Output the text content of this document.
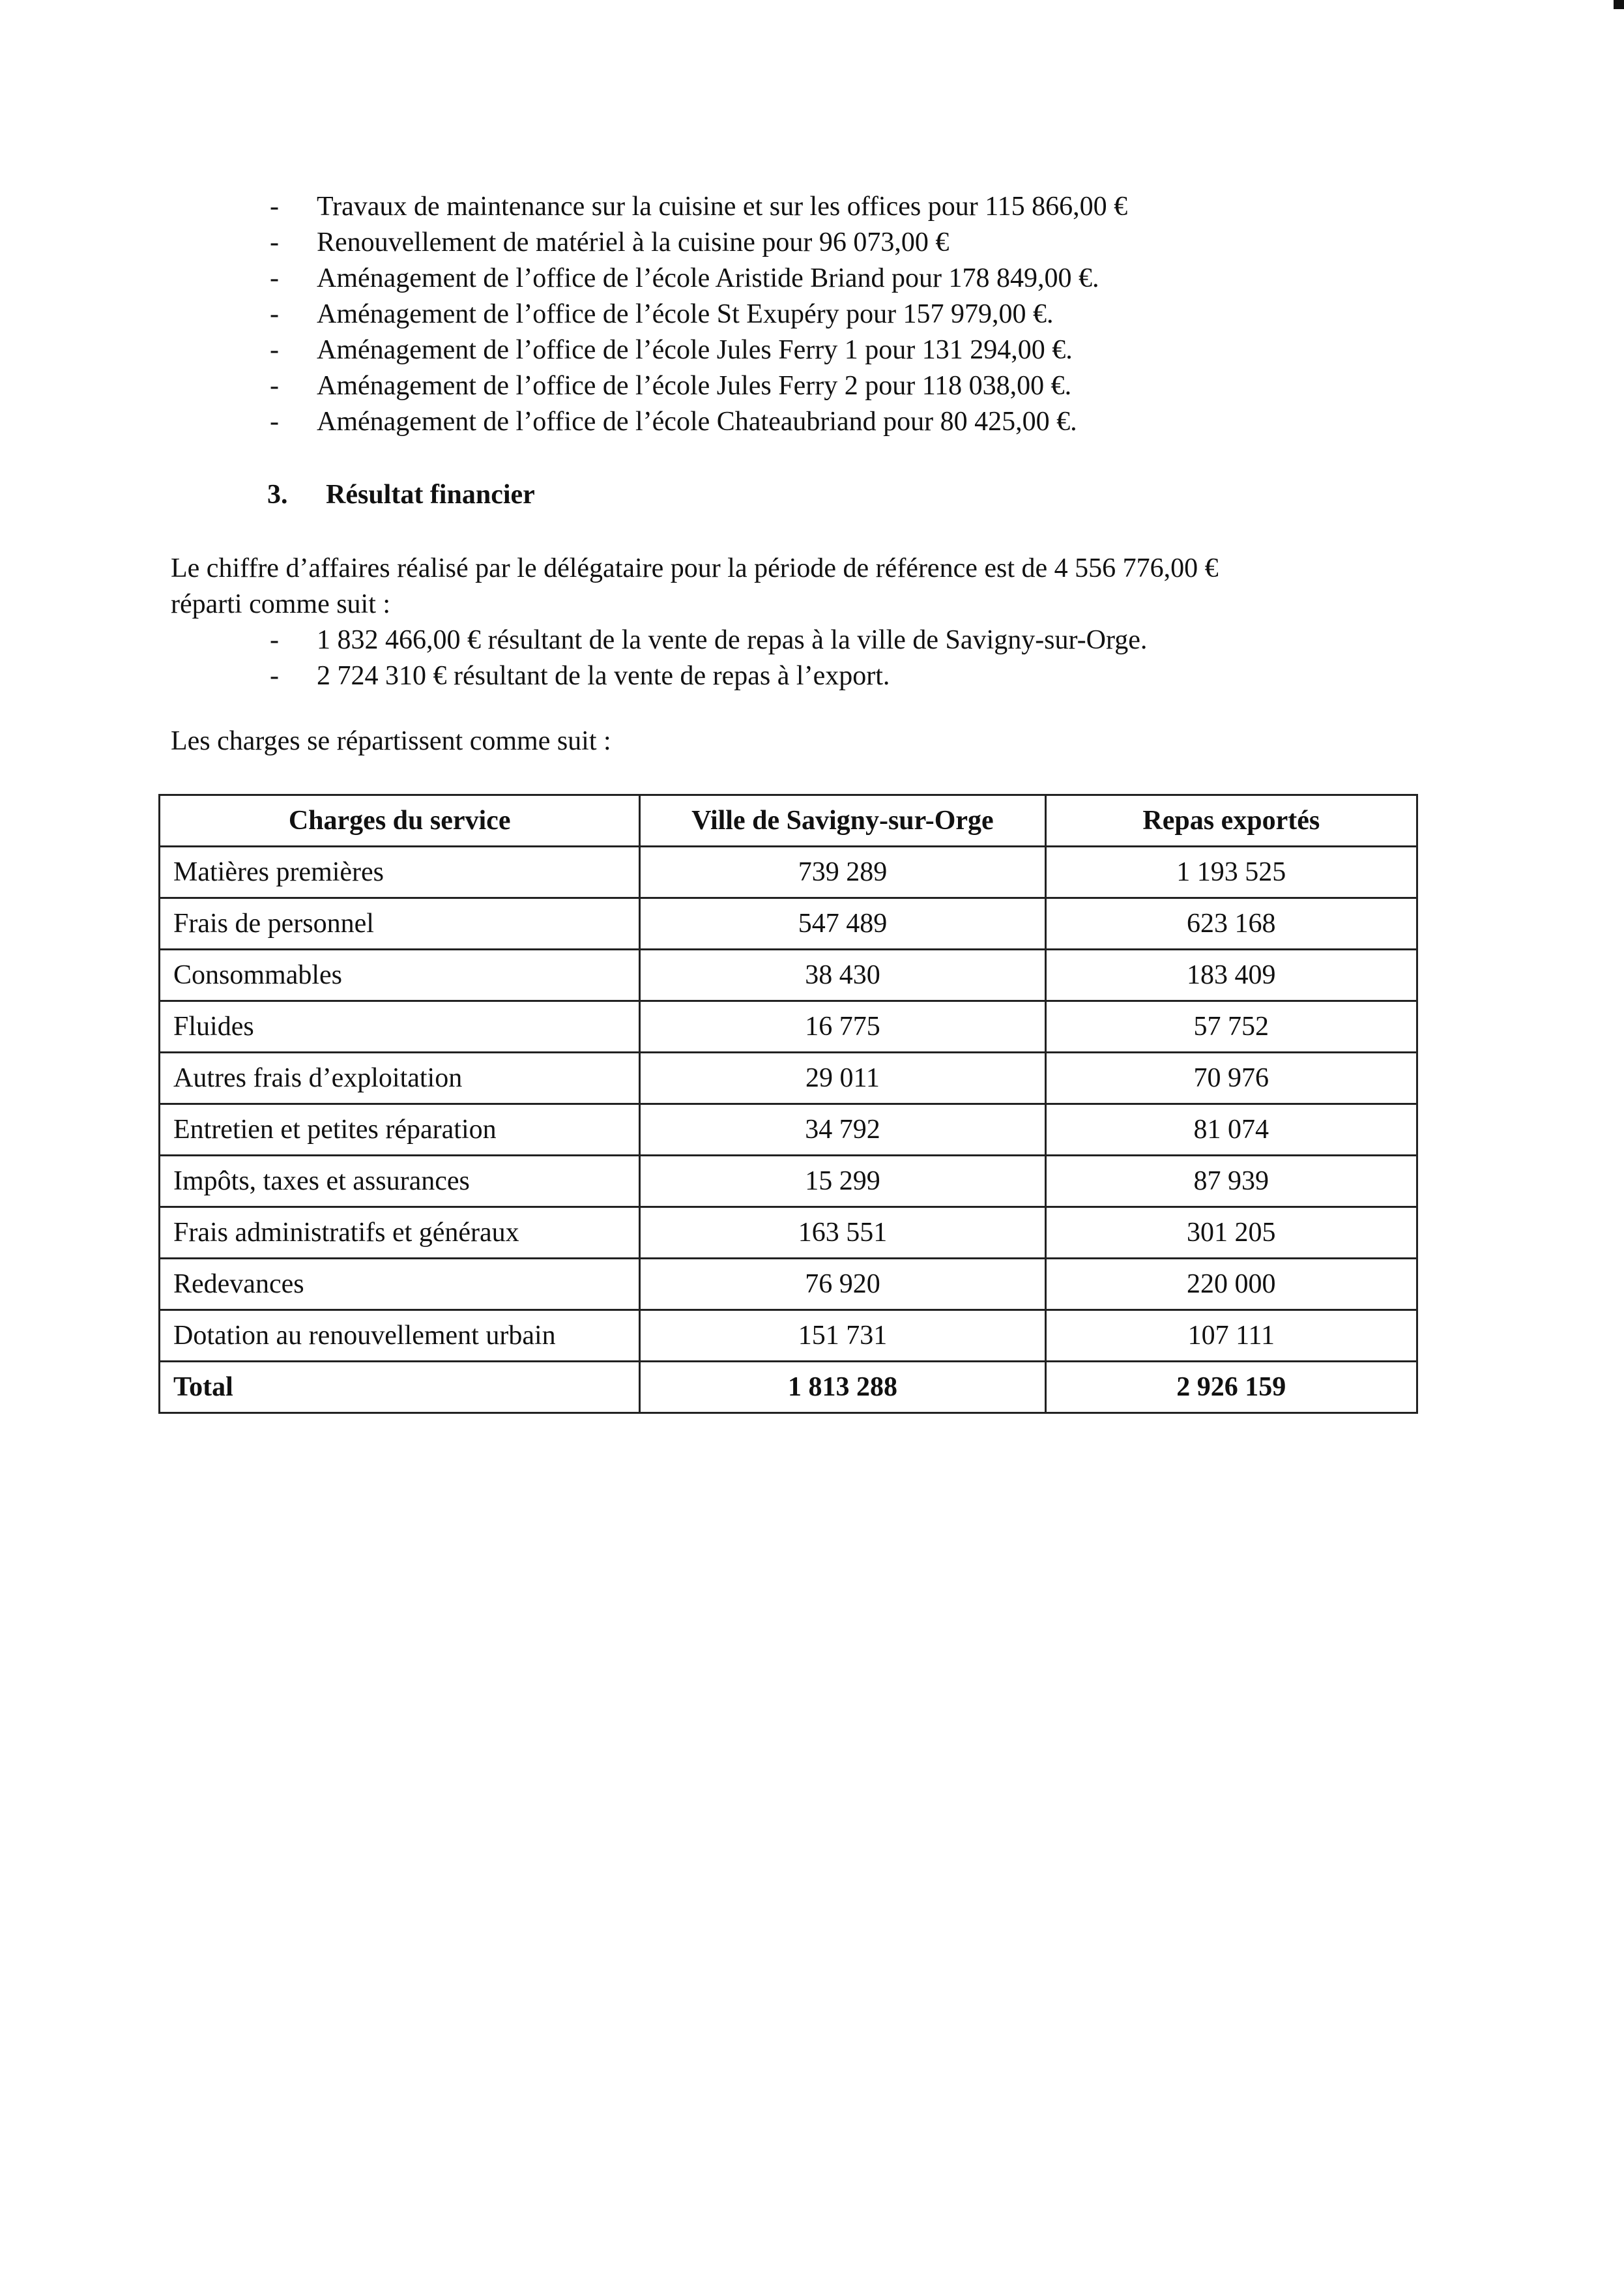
- Travaux de maintenance sur la cuisine et sur les offices pour 115 866,00 €
- Renouvellement de matériel à la cuisine pour 96 073,00 €
- Aménagement de l’office de l’école Aristide Briand pour 178 849,00 €.
- Aménagement de l’office de l’école St Exupéry pour 157 979,00 €.
- Aménagement de l’office de l’école Jules Ferry 1 pour 131 294,00 €.
- Aménagement de l’office de l’école Jules Ferry 2 pour 118 038,00 €.
- Aménagement de l’office de l’école Chateaubriand pour 80 425,00 €.
3. Résultat financier

Le chiffre d’affaires réalisé par le délégataire pour la période de référence est de 4 556 776,00 €

réparti comme suit :

- 1 832 466,00 € résultant de la vente de repas à la ville de Savigny-sur-Orge.
- 2 724 310 € résultant de la vente de repas à l’export.
Les charges se répartissent comme suit :
Charges du service	Ville de Savigny-sur-Orge	Repas exportés
Matières premières	739 289	1 193 525
Frais de personnel	547 489	623 168
Consommables	38 430	183 409
Fluides	16 775	57 752
Autres frais d’exploitation	29 011	70 976
Entretien et petites réparation	34 792	81 074
Impôts, taxes et assurances	15 299	87 939
Frais administratifs et généraux	163 551	301 205
Redevances	76 920	220 000
Dotation au renouvellement urbain	151 731	107 111
Total	1 813 288	2 926 159
